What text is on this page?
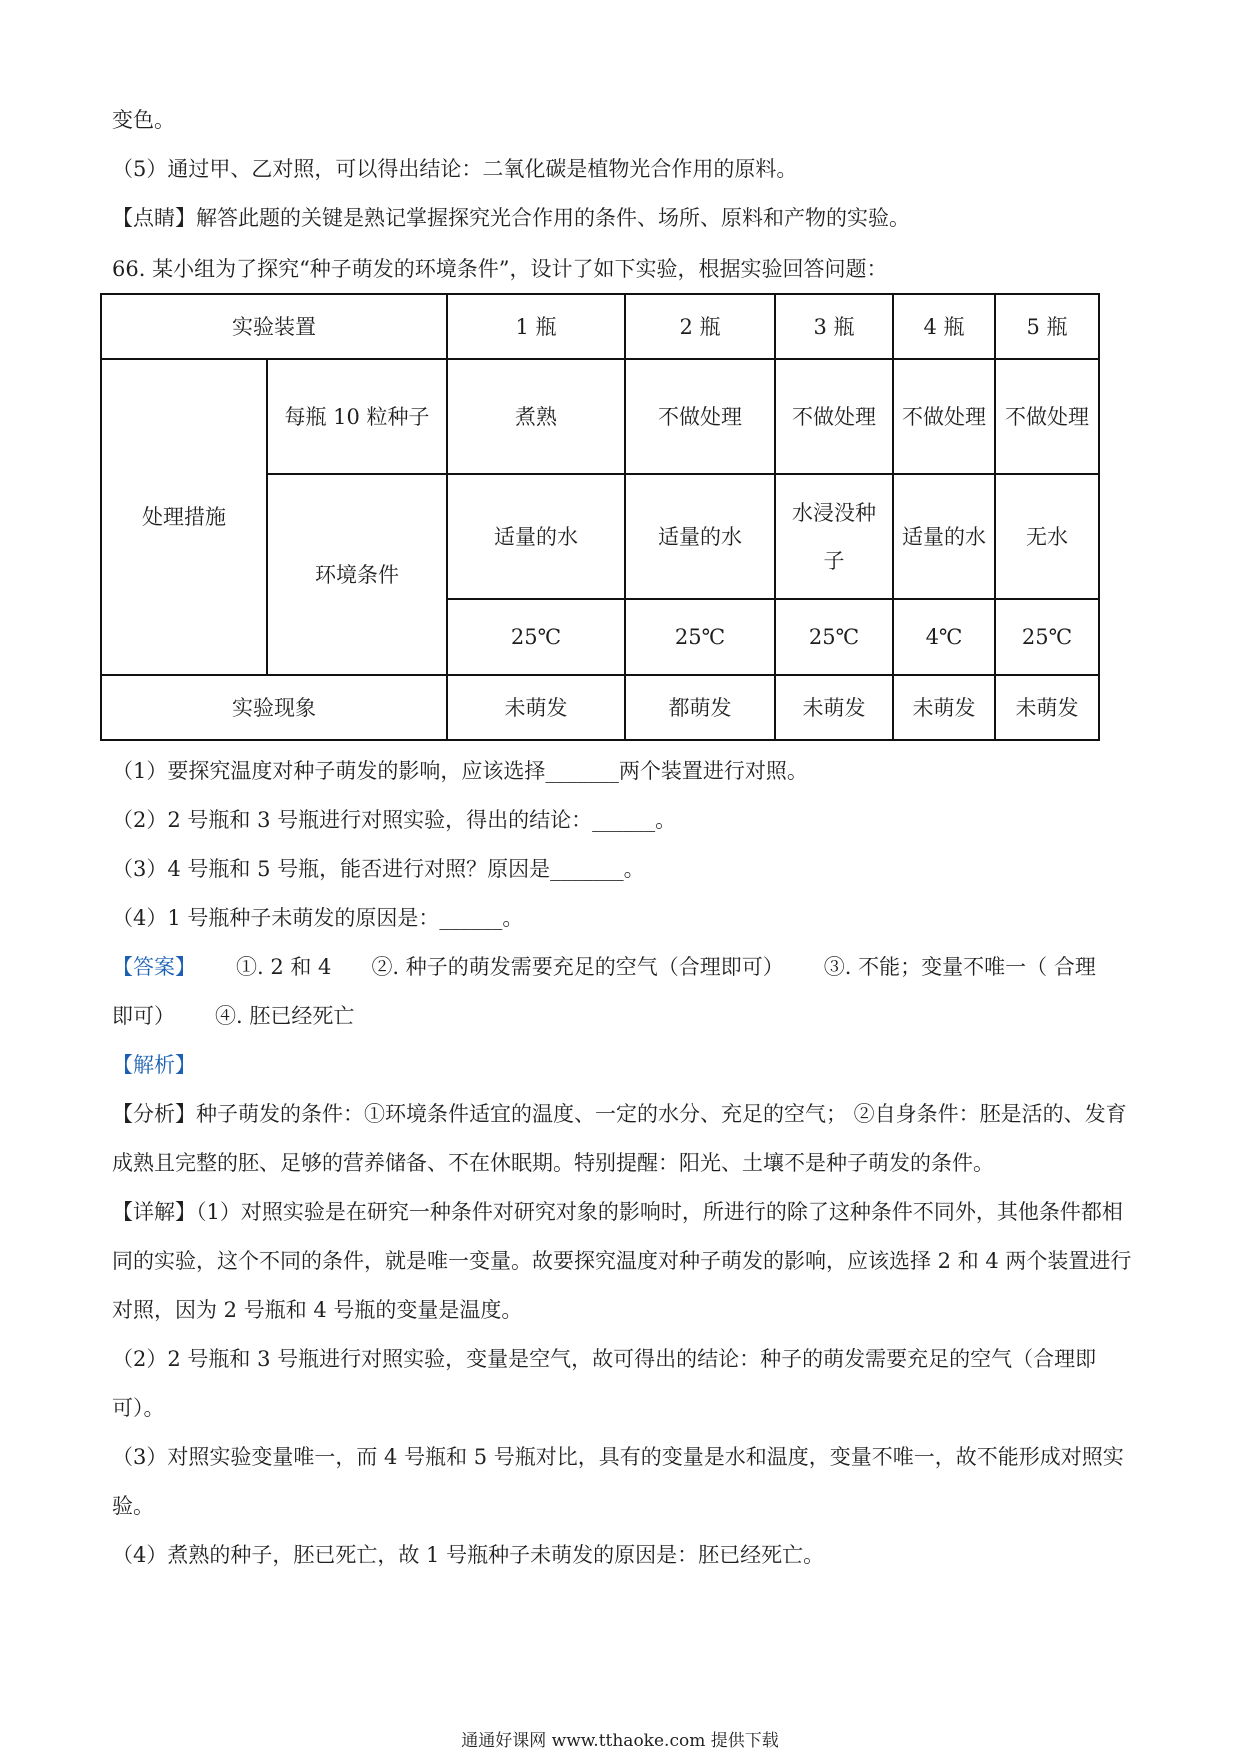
变色。
（5）通过甲、乙对照，可以得出结论：二氧化碳是植物光合作用的原料。
【点睛】解答此题的关键是熟记掌握探究光合作用的条件、场所、原料和产物的实验。
66. 某小组为了探究“种子萌发的环境条件”，设计了如下实验，根据实验回答问题：
实验装置		1 瓶	2 瓶	3 瓶	4 瓶	5 瓶
处理措施	每瓶 10 粒种子	煮熟	不做处理	不做处理	不做处理	不做处理
	环境条件	适量的水	适量的水	水浸没种子	适量的水	无水
		25℃	25℃	25℃	4℃	25℃
实验现象		未萌发	都萌发	未萌发	未萌发	未萌发
（1）要探究温度对种子萌发的影响，应该选择_______两个装置进行对照。
（2）2 号瓶和 3 号瓶进行对照实验，得出的结论：______。
（3）4 号瓶和 5 号瓶，能否进行对照？原因是_______。
（4）1 号瓶种子未萌发的原因是：______。
【答案】 ①. 2 和 4 ②. 种子的萌发需要充足的空气（合理即可） ③. 不能；变量不唯一（ 合理
即可） ④. 胚已经死亡
【解析】
【分析】种子萌发的条件：①环境条件适宜的温度、一定的水分、充足的空气； ②自身条件：胚是活的、发育成熟且完整的胚、足够的营养储备、不在休眠期。特别提醒：阳光、土壤不是种子萌发的条件。
【详解】（1）对照实验是在研究一种条件对研究对象的影响时，所进行的除了这种条件不同外，其他条件都相同的实验，这个不同的条件，就是唯一变量。故要探究温度对种子萌发的影响，应该选择 2 和 4 两个装置进行对照，因为 2 号瓶和 4 号瓶的变量是温度。
（2）2 号瓶和 3 号瓶进行对照实验，变量是空气，故可得出的结论：种子的萌发需要充足的空气（合理即可）。
（3）对照实验变量唯一，而 4 号瓶和 5 号瓶对比，具有的变量是水和温度，变量不唯一，故不能形成对照实验。
（4）煮熟的种子，胚已死亡，故 1 号瓶种子未萌发的原因是：胚已经死亡。
通通好课网 www.tthaoke.com 提供下载
